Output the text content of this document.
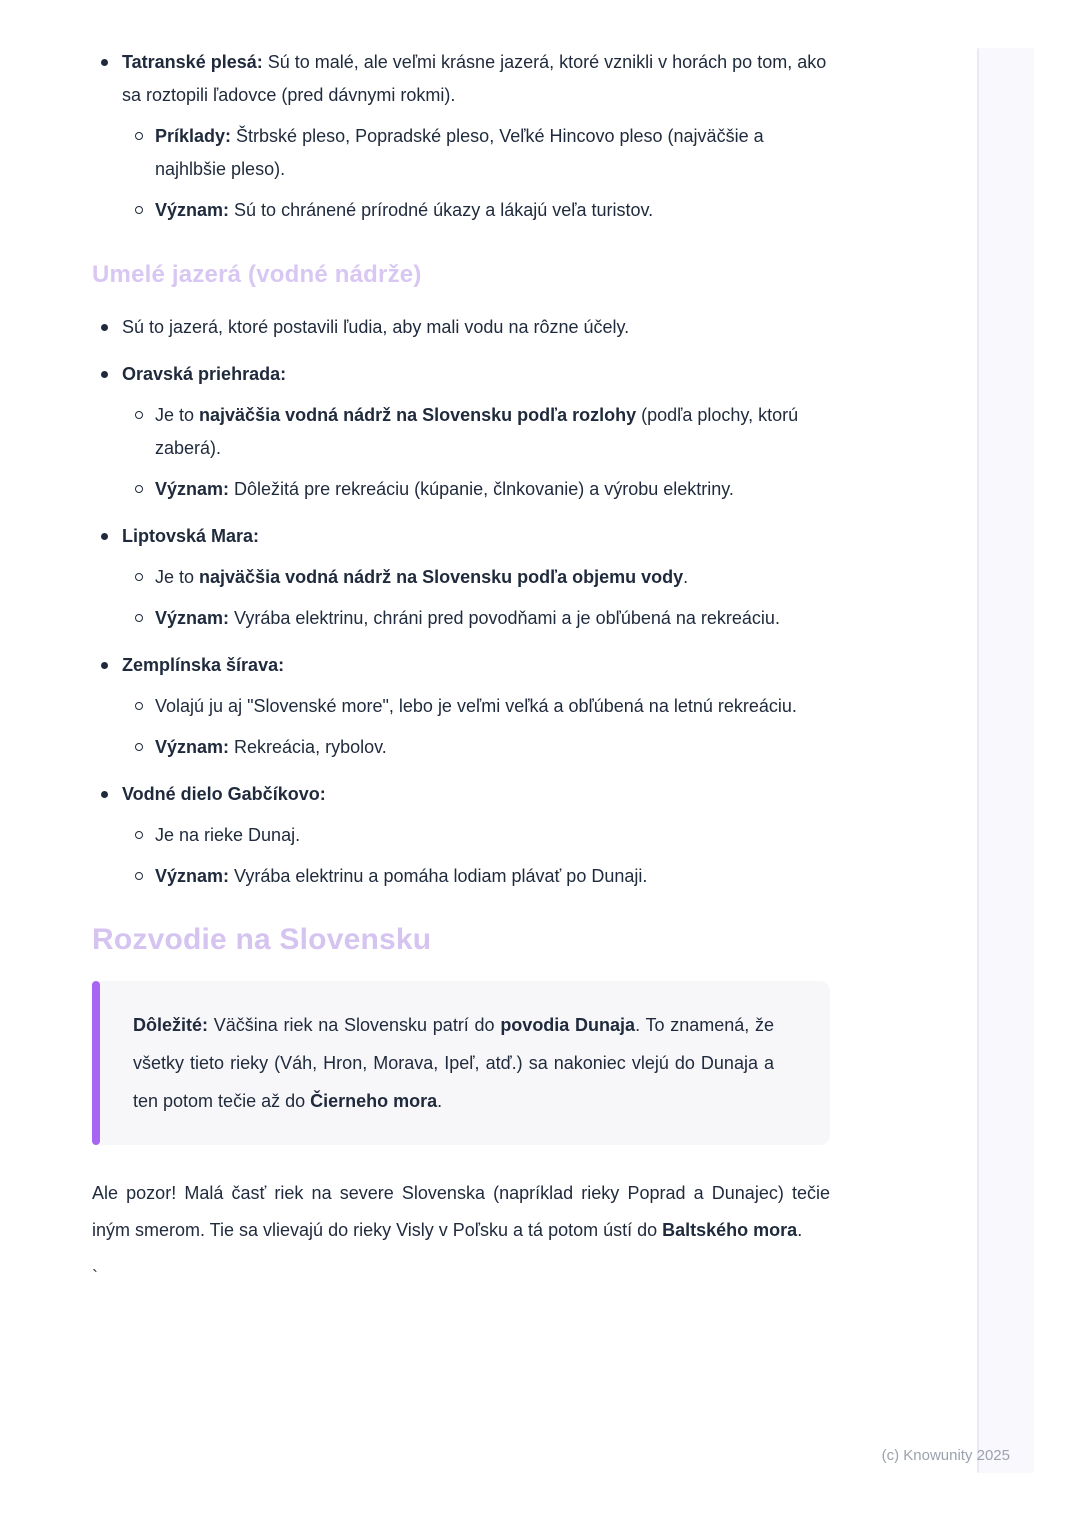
Tatranské plesá: Sú to malé, ale veľmi krásne jazerá, ktoré vznikli v horách po tom, ako sa roztopili ľadovce (pred dávnymi rokmi).
Príklady: Štrbské pleso, Popradské pleso, Veľké Hincovo pleso (najväčšie a najhlbšie pleso).
Význam: Sú to chránené prírodné úkazy a lákajú veľa turistov.
Umelé jazerá (vodné nádrže)
Sú to jazerá, ktoré postavili ľudia, aby mali vodu na rôzne účely.
Oravská priehrada:
Je to najväčšia vodná nádrž na Slovensku podľa rozlohy (podľa plochy, ktorú zaberá).
Význam: Dôležitá pre rekreáciu (kúpanie, člnkovanie) a výrobu elektriny.
Liptovská Mara:
Je to najväčšia vodná nádrž na Slovensku podľa objemu vody.
Význam: Vyrába elektrinu, chráni pred povodňami a je obľúbená na rekreáciu.
Zemplínska šírava:
Volajú ju aj "Slovenské more", lebo je veľmi veľká a obľúbená na letnú rekreáciu.
Význam: Rekreácia, rybolov.
Vodné dielo Gabčíkovo:
Je na rieke Dunaj.
Význam: Vyrába elektrinu a pomáha lodiam plávať po Dunaji.
Rozvodie na Slovensku

Dôležité: Väčšina riek na Slovensku patrí do povodia Dunaja. To znamená, že všetky tieto rieky (Váh, Hron, Morava, Ipeľ, atď.) sa nakoniec vlejú do Dunaja a ten potom tečie až do Čierneho mora.

Ale pozor! Malá časť riek na severe Slovenska (napríklad rieky Poprad a Dunajec) tečie iným smerom. Tie sa vlievajú do rieky Visly v Poľsku a tá potom ústí do Baltského mora.

`
(c) Knowunity 2025
